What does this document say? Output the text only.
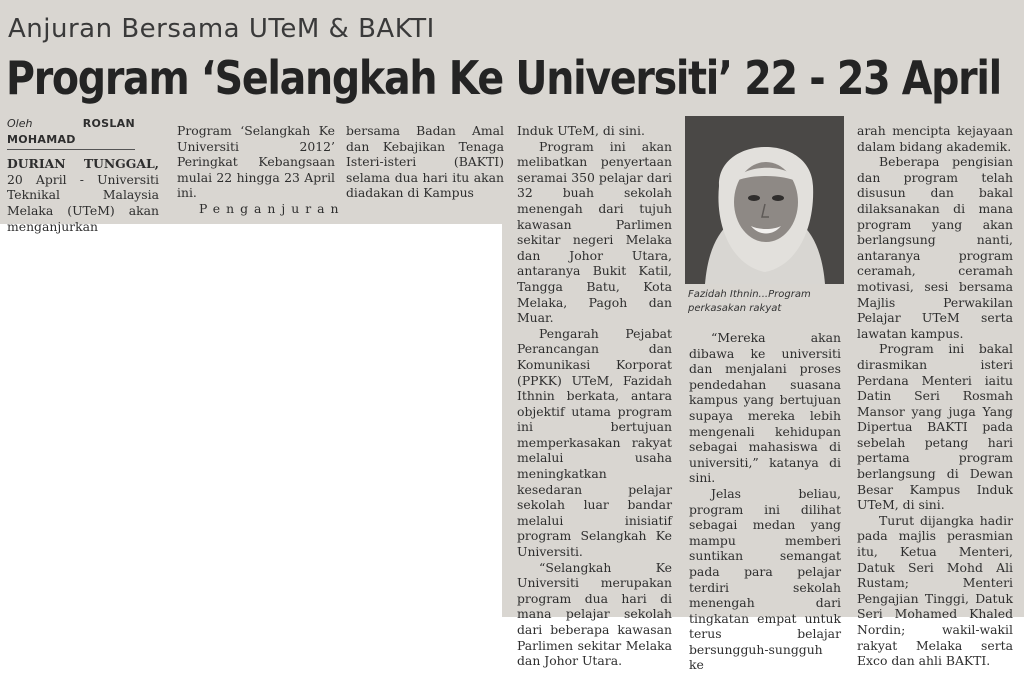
Anjuran Bersama UTeM & BAKTI
Program ‘Selangkah Ke Universiti’ 22 - 23 April
Oleh	ROSLAN MOHAMAD

DURIAN TUNGGAL, 20 April - Universiti Teknikal Malaysia Melaka (UTeM) akan menganjurkan

Program ‘Selangkah Ke Universiti 2012’ Peringkat Kebangsaan mulai 22 hingga 23 April ini.

Penganjuran

bersama Badan Amal dan Kebajikan Tenaga Isteri-isteri (BAKTI) selama dua hari itu akan diadakan di Kampus

Induk UTeM, di sini.

Program ini akan melibatkan penyertaan seramai 350 pelajar dari 32 buah sekolah menengah dari tujuh kawasan Parlimen sekitar negeri Melaka dan Johor Utara, antaranya Bukit Katil, Tangga Batu, Kota Melaka, Pagoh dan Muar.

Pengarah Pejabat Perancangan dan Komunikasi Korporat (PPKK) UTeM, Fazidah Ithnin berkata, antara objektif utama program ini bertujuan memperkasakan rakyat melalui usaha meningkatkan kesedaran pelajar sekolah luar bandar melalui inisiatif program Selangkah Ke Universiti.

“Selangkah Ke Universiti merupakan program dua hari di mana pelajar sekolah dari beberapa kawasan Parlimen sekitar Melaka dan Johor Utara.

Fazidah Ithnin...Program perkasakan rakyat

“Mereka akan dibawa ke universiti dan menjalani proses pendedahan suasana kampus yang bertujuan supaya mereka lebih mengenali kehidupan sebagai mahasiswa di universiti,” katanya di sini.

Jelas beliau, program ini dilihat sebagai medan yang mampu memberi suntikan semangat pada para pelajar terdiri sekolah menengah dari tingkatan empat untuk terus belajar bersungguh-sungguh ke

arah mencipta kejayaan dalam bidang akademik.

Beberapa pengisian dan program telah disusun dan bakal dilaksanakan di mana program yang akan berlangsung nanti, antaranya program ceramah, ceramah motivasi, sesi bersama Majlis Perwakilan Pelajar UTeM serta lawatan kampus.

Program ini bakal dirasmikan isteri Perdana Menteri iaitu Datin Seri Rosmah Mansor yang juga Yang Dipertua BAKTI pada sebelah petang hari pertama program berlangsung di Dewan Besar Kampus Induk UTeM, di sini.

Turut dijangka hadir pada majlis perasmian itu, Ketua Menteri, Datuk Seri Mohd Ali Rustam; Menteri Pengajian Tinggi, Datuk Seri Mohamed Khaled Nordin; wakil-wakil rakyat Melaka serta Exco dan ahli BAKTI.
